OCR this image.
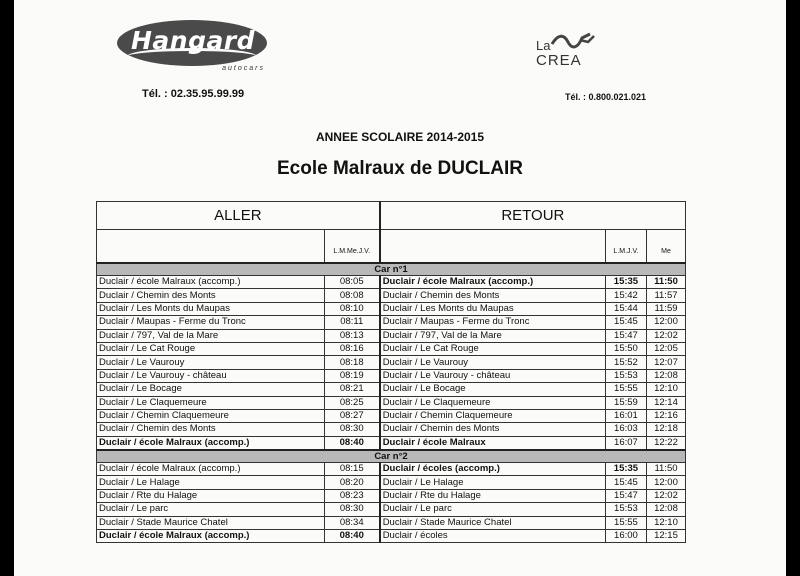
Hangard
autocars
Tél. : 02.35.95.99.99
La
CREA
Tél. : 0.800.021.021
ANNEE SCOLAIRE 2014-2015
Ecole Malraux de DUCLAIR
ALLER		RETOUR		
	L.M.Me.J.V.		L.M.J.V.	Me
Car n°1				
Duclair / école Malraux (accomp.)	08:05	Duclair / école Malraux (accomp.)	15:35	11:50
Duclair / Chemin des Monts	08:08	Duclair / Chemin des Monts	15:42	11:57
Duclair / Les Monts du Maupas	08:10	Duclair / Les Monts du Maupas	15:44	11:59
Duclair / Maupas - Ferme du Tronc	08:11	Duclair / Maupas - Ferme du Tronc	15:45	12:00
Duclair / 797, Val de la Mare	08:13	Duclair / 797, Val de la Mare	15:47	12:02
Duclair / Le Cat Rouge	08:16	Duclair / Le Cat Rouge	15:50	12:05
Duclair / Le Vaurouy	08:18	Duclair / Le Vaurouy	15:52	12:07
Duclair / Le Vaurouy - château	08:19	Duclair / Le Vaurouy - château	15:53	12:08
Duclair / Le Bocage	08:21	Duclair / Le Bocage	15:55	12:10
Duclair / Le Claquemeure	08:25	Duclair / Le Claquemeure	15:59	12:14
Duclair / Chemin Claquemeure	08:27	Duclair / Chemin Claquemeure	16:01	12:16
Duclair / Chemin des Monts	08:30	Duclair / Chemin des Monts	16:03	12:18
Duclair / école Malraux (accomp.)	08:40	Duclair / école Malraux	16:07	12:22
Car n°2				
Duclair / école Malraux (accomp.)	08:15	Duclair / écoles (accomp.)	15:35	11:50
Duclair / Le Halage	08:20	Duclair / Le Halage	15:45	12:00
Duclair / Rte du Halage	08:23	Duclair / Rte du Halage	15:47	12:02
Duclair / Le parc	08:30	Duclair / Le parc	15:53	12:08
Duclair / Stade Maurice Chatel	08:34	Duclair / Stade Maurice Chatel	15:55	12:10
Duclair / école Malraux (accomp.)	08:40	Duclair / écoles	16:00	12:15
